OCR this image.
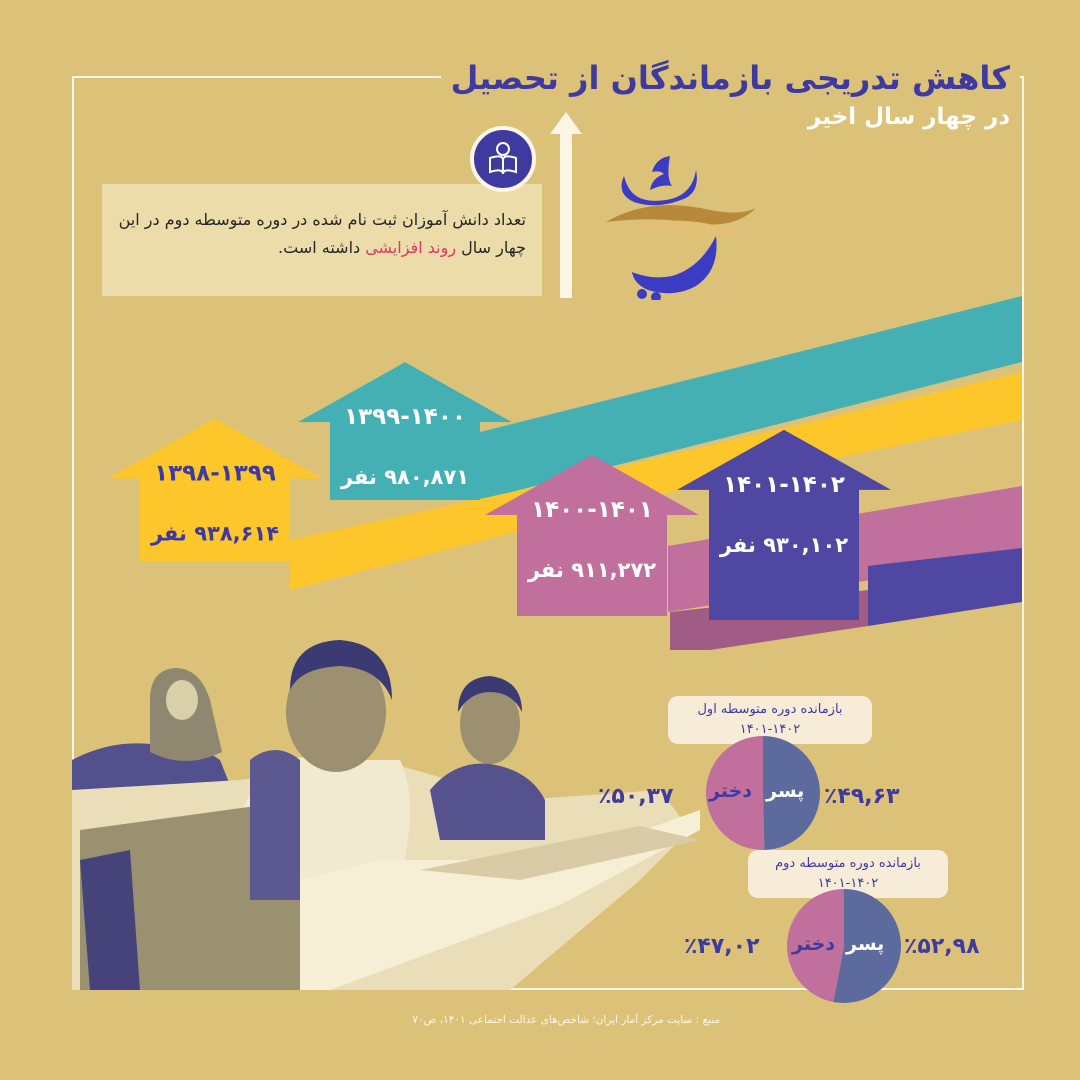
کاهش تدریجی بازماندگان از تحصیل
در چهار سال اخیر
تعداد دانش آموزان ثبت نام شده در دوره متوسطه دوم در این چهار سال روند افزایشی داشته است.
۱۳۹۸-۱۳۹۹
۹۳۸,۶۱۴ نفر
۱۳۹۹-۱۴۰۰
۹۸۰,۸۷۱ نفر
۱۴۰۰-۱۴۰۱
۹۱۱,۲۷۲ نفر
۱۴۰۱-۱۴۰۲
۹۳۰,۱۰۲ نفر
بازمانده دوره متوسطه اول
۱۴۰۱-۱۴۰۲
پسر
دختر	٪۴۹,۶۳
٪۵۰,۳۷
بازمانده دوره متوسطه دوم
۱۴۰۱-۱۴۰۲
پسر
دختر	٪۵۲,۹۸
٪۴۷,۰۲
منبع : سایت مرکز آمار ایران؛ شاخص‌های عدالت اجتماعی ۱۴۰۱، ص۷۰
